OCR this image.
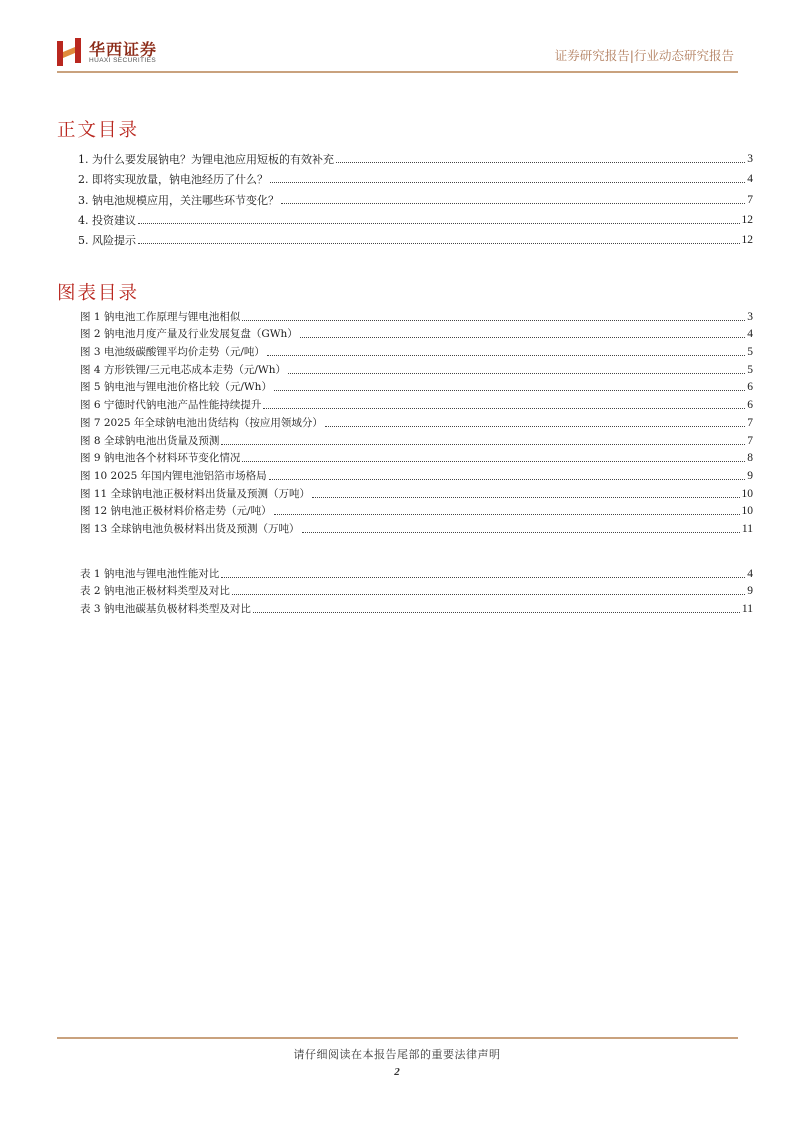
华西证券
HUAXI SECURITIES	证券研究报告|行业动态研究报告
正文目录
1. 为什么要发展钠电？为锂电池应用短板的有效补充	3
2. 即将实现放量，钠电池经历了什么？	4
3. 钠电池规模应用，关注哪些环节变化？	7
4. 投资建议	12
5. 风险提示	12
图表目录
图 1 钠电池工作原理与锂电池相似	3
图 2 钠电池月度产量及行业发展复盘（GWh）	4
图 3 电池级碳酸锂平均价走势（元/吨）	5
图 4 方形铁锂/三元电芯成本走势（元/Wh）	5
图 5 钠电池与锂电池价格比较（元/Wh）	6
图 6 宁德时代钠电池产品性能持续提升	6
图 7 2025 年全球钠电池出货结构（按应用领域分）	7
图 8 全球钠电池出货量及预测	7
图 9 钠电池各个材料环节变化情况	8
图 10 2025 年国内锂电池铝箔市场格局	9
图 11 全球钠电池正极材料出货量及预测（万吨）	10
图 12 钠电池正极材料价格走势（元/吨）	10
图 13 全球钠电池负极材料出货及预测（万吨）	11
表 1 钠电池与锂电池性能对比	4
表 2 钠电池正极材料类型及对比	9
表 3 钠电池碳基负极材料类型及对比	11
请仔细阅读在本报告尾部的重要法律声明
2
